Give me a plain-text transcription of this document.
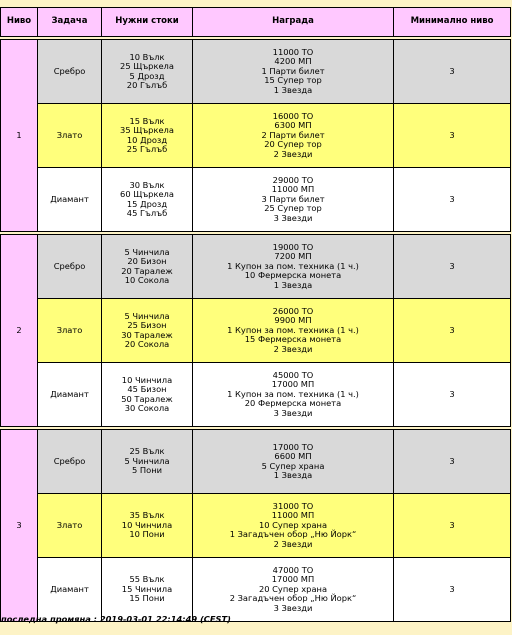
Ниво	Задача	Нужни стоки	Награда	Минимално ниво

1	Сребро	10 Вълк
25 Щъркела
5 Дрозд
20 Гълъб	11000 ТО
4200 МП
1 Парти билет
15 Супер тор
1 Звезда	3
	Злато	15 Вълк
35 Щъркела
10 Дрозд
25 Гълъб	16000 ТО
6300 МП
2 Парти билет
20 Супер тор
2 Звезди	3
	Диамант	30 Вълк
60 Щъркела
15 Дрозд
45 Гълъб	29000 ТО
11000 МП
3 Парти билет
25 Супер тор
3 Звезди	3

2	Сребро	5 Чинчила
20 Бизон
20 Таралеж
10 Сокола	19000 ТО
7200 МП
1 Купон за пом. техника (1 ч.)
10 Фермерска монета
1 Звезда	3
	Злато	5 Чинчила
25 Бизон
30 Таралеж
20 Сокола	26000 ТО
9900 МП
1 Купон за пом. техника (1 ч.)
15 Фермерска монета
2 Звезди	3
	Диамант	10 Чинчила
45 Бизон
50 Таралеж
30 Сокола	45000 ТО
17000 МП
1 Купон за пом. техника (1 ч.)
20 Фермерска монета
3 Звезди	3

3	Сребро	25 Вълк
5 Чинчила
5 Пони	17000 ТО
6600 МП
5 Супер храна
1 Звезда	3
	Злато	35 Вълк
10 Чинчила
10 Пони	31000 ТО
11000 МП
10 Супер храна
1 Загадъчен обор „Ню Йорк“
2 Звезди	3
	Диамант	55 Вълк
15 Чинчила
15 Пони	47000 ТО
17000 МП
20 Супер храна
2 Загадъчен обор „Ню Йорк“
3 Звезди	3
последна промяна : 2019-03-01 22:14:49 (CEST)
